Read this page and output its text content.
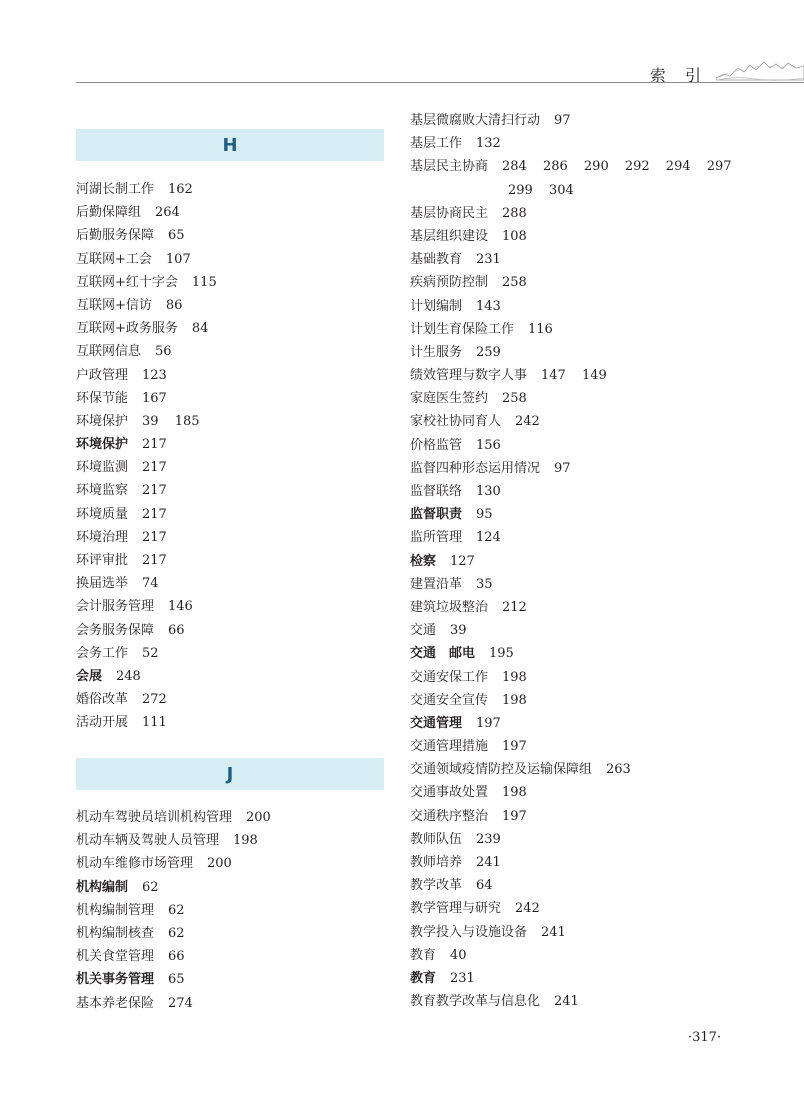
索 引
H
河湖长制工作 162
后勤保障组 264
后勤服务保障 65
互联网+工会 107
互联网+红十字会 115
互联网+信访 86
互联网+政务服务 84
互联网信息 56
户政管理 123
环保节能 167
环境保护 39 185
环境保护 217
环境监测 217
环境监察 217
环境质量 217
环境治理 217
环评审批 217
换届选举 74
会计服务管理 146
会务服务保障 66
会务工作 52
会展 248
婚俗改革 272
活动开展 111
J
机动车驾驶员培训机构管理 200
机动车辆及驾驶人员管理 198
机动车维修市场管理 200
机构编制 62
机构编制管理 62
机构编制核查 62
机关食堂管理 66
机关事务管理 65
基本养老保险 274
基层微腐败大清扫行动 97
基层工作 132
基层民主协商 284 286 290 292 294 297
299 304
基层协商民主 288
基层组织建设 108
基础教育 231
疾病预防控制 258
计划编制 143
计划生育保险工作 116
计生服务 259
绩效管理与数字人事 147 149
家庭医生签约 258
家校社协同育人 242
价格监管 156
监督四种形态运用情况 97
监督联络 130
监督职责 95
监所管理 124
检察 127
建置沿革 35
建筑垃圾整治 212
交通 39
交通　邮电 195
交通安保工作 198
交通安全宣传 198
交通管理 197
交通管理措施 197
交通领域疫情防控及运输保障组 263
交通事故处置 198
交通秩序整治 197
教师队伍 239
教师培养 241
教学改革 64
教学管理与研究 242
教学投入与设施设备 241
教育 40
教育 231
教育教学改革与信息化 241
·317·
